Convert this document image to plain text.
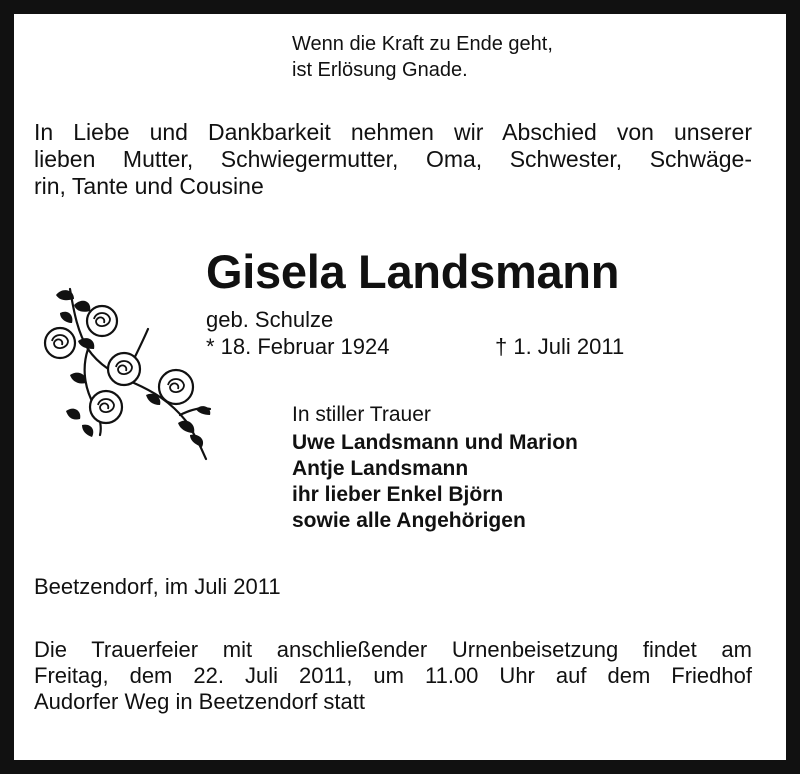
Wenn die Kraft zu Ende geht,
ist Erlösung Gnade.
In Liebe und Dankbarkeit nehmen wir Abschied von unserer
lieben Mutter, Schwiegermutter, Oma, Schwester, Schwäge-
rin, Tante und Cousine
Gisela Landsmann
geb. Schulze
* 18. Februar 1924	† 1. Juli 2011
In stiller Trauer
Uwe Landsmann und Marion
Antje Landsmann
ihr lieber Enkel Björn
sowie alle Angehörigen
Beetzendorf, im Juli 2011
Die Trauerfeier mit anschließender Urnenbeisetzung findet am
Freitag, dem 22. Juli 2011, um 11.00 Uhr auf dem Friedhof
Audorfer Weg in Beetzendorf statt
